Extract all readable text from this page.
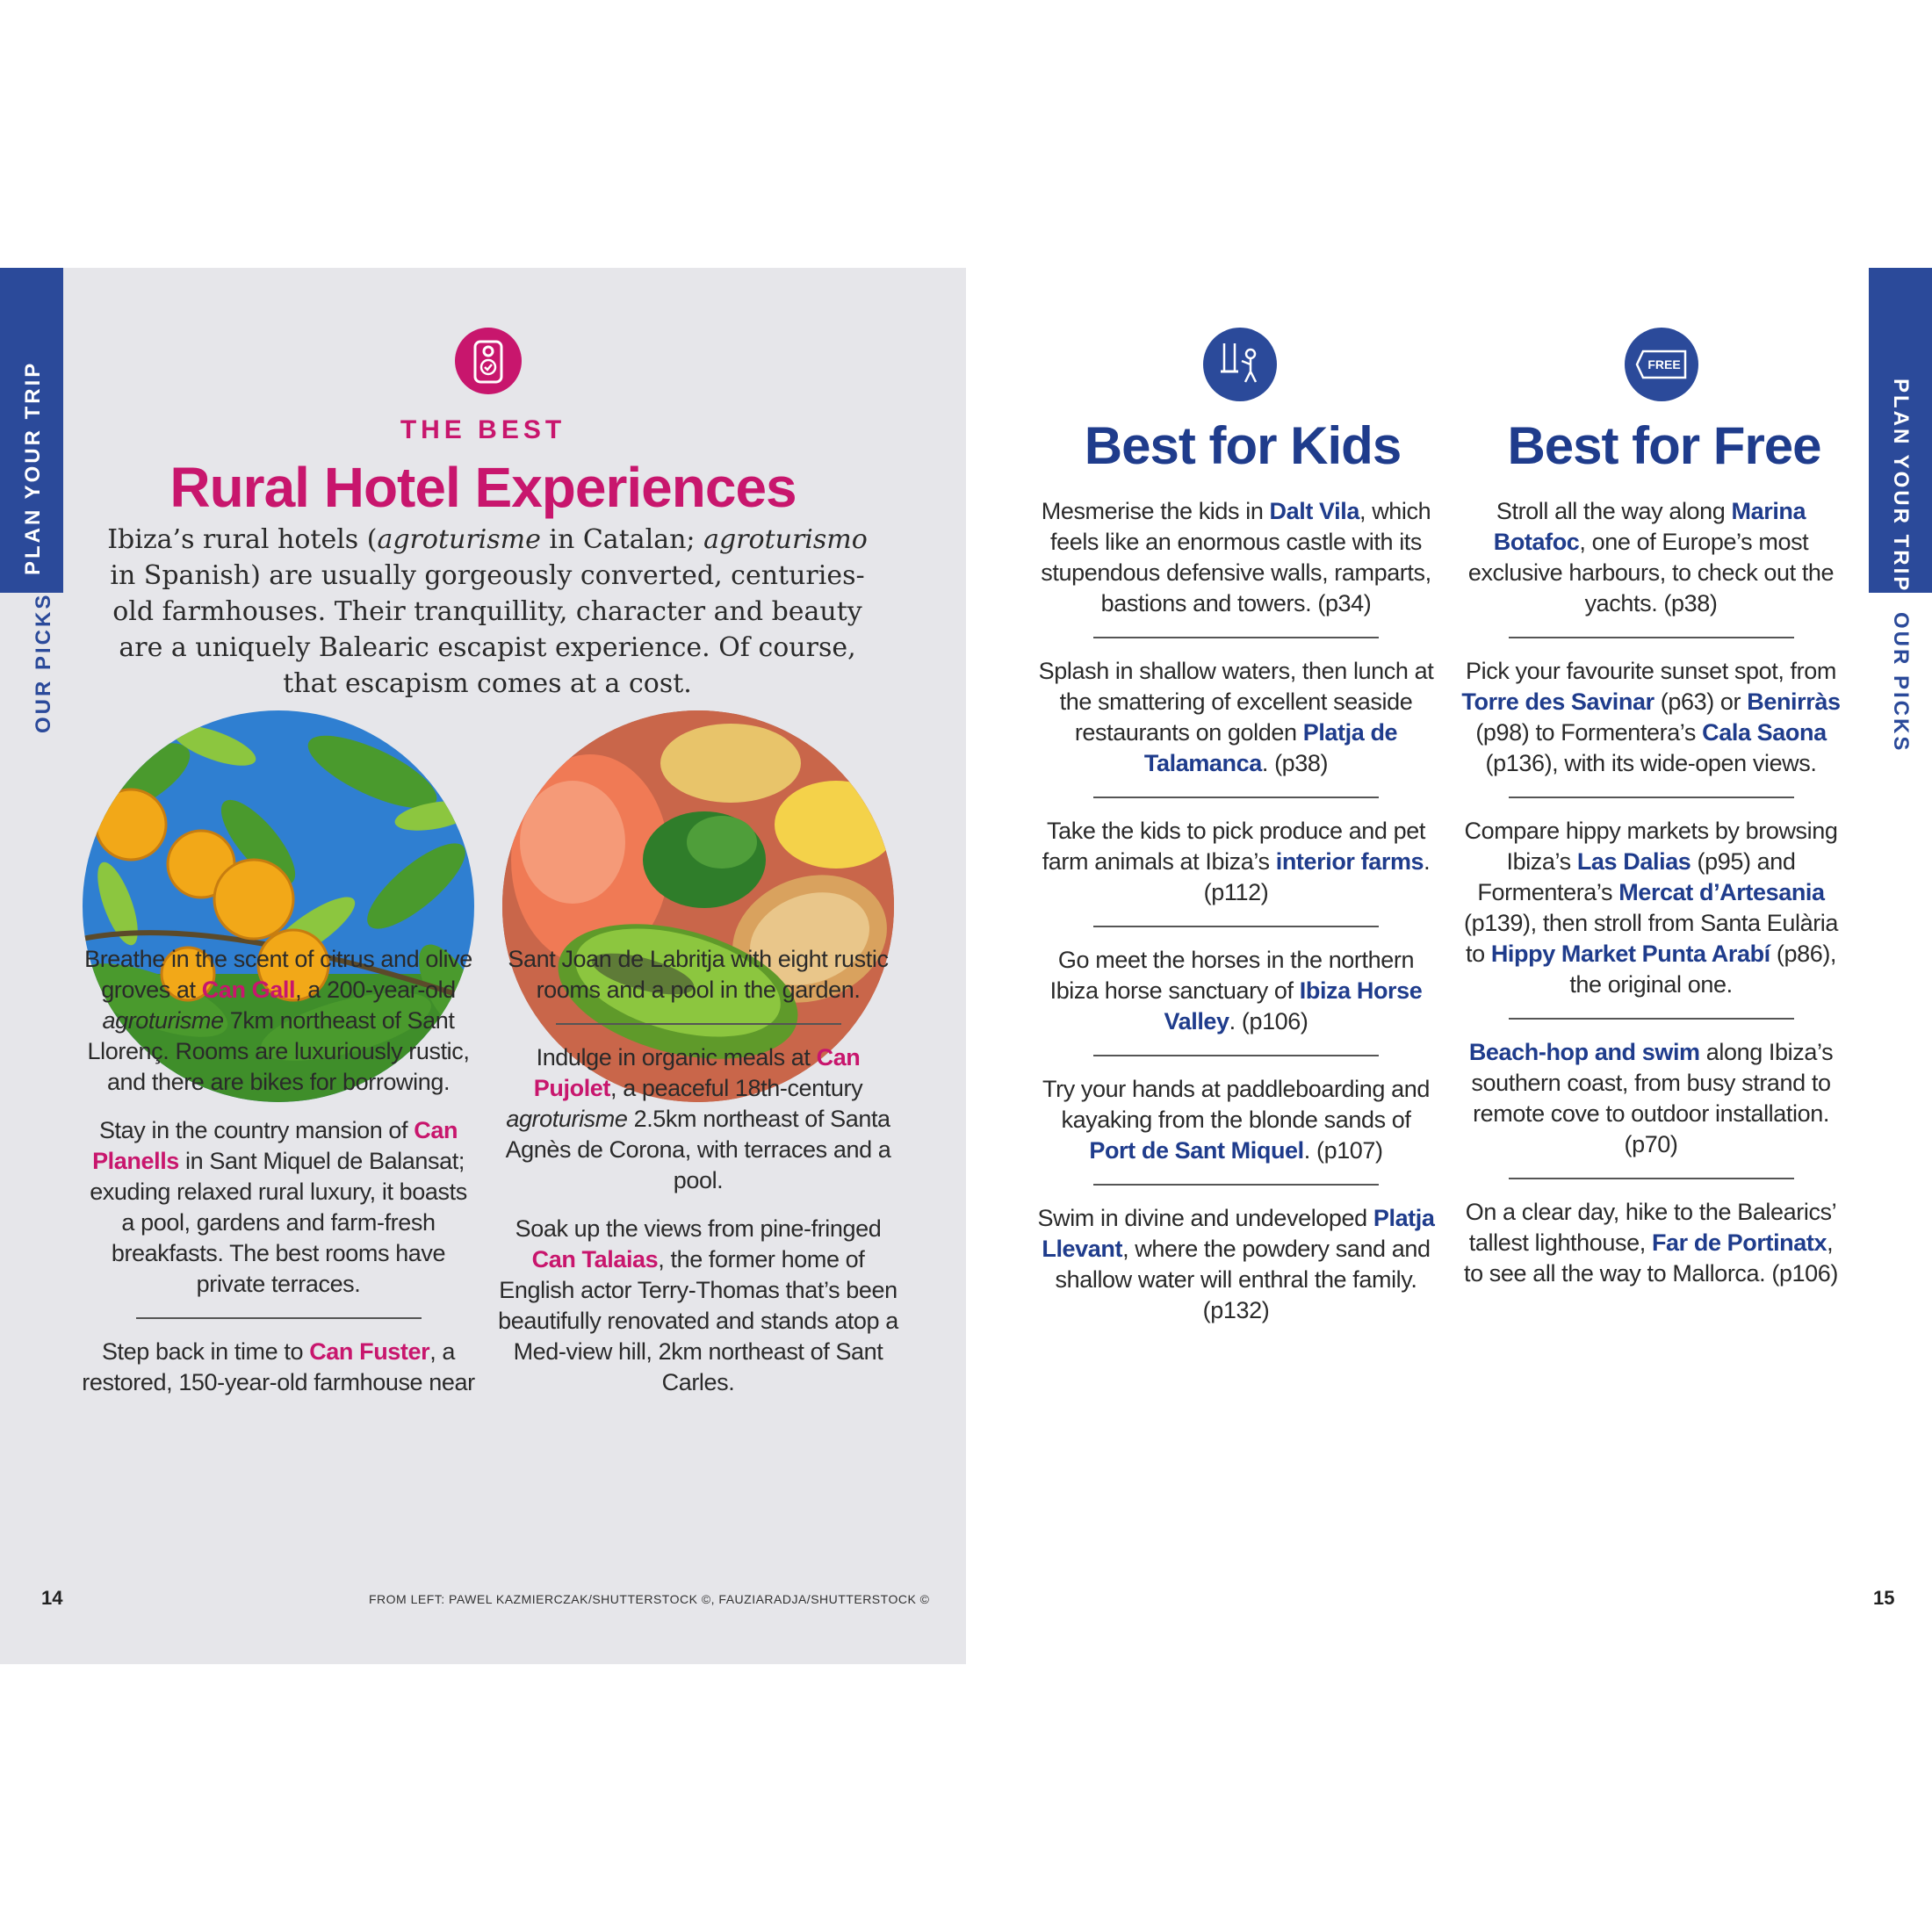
PLAN YOUR TRIP
OUR PICKS
THE BEST
Rural Hotel Experiences
Ibiza’s rural hotels (agroturisme in Catalan; agroturismo in Spanish) are usually gorgeously converted, centuries-old farmhouses. Their tranquillity, character and beauty are a uniquely Balearic escapist experience. Of course, that escapism comes at a cost.

Breathe in the scent of citrus and olive groves at Can Gall, a 200-year-old agroturisme 7km northeast of Sant Llorenç. Rooms are luxuriously rustic, and there are bikes for borrowing.

Stay in the country mansion of Can Planells in Sant Miquel de Balansat; exuding relaxed rural luxury, it boasts a pool, gardens and farm-fresh breakfasts. The best rooms have private terraces.

Step back in time to Can Fuster, a restored, 150-year-old farmhouse near

Sant Joan de Labritja with eight rustic rooms and a pool in the garden.

Indulge in organic meals at Can Pujolet, a peaceful 18th-century agroturisme 2.5km northeast of Santa Agnès de Corona, with terraces and a pool.

Soak up the views from pine-fringed Can Talaias, the former home of English actor Terry-Thomas that’s been beautifully renovated and stands atop a Med-view hill, 2km northeast of Sant Carles.

14	FROM LEFT: PAWEL KAZMIERCZAK/SHUTTERSTOCK ©, FAUZIARADJA/SHUTTERSTOCK ©
PLAN YOUR TRIP
OUR PICKS
Best for Kids
FREE
Best for Free

Mesmerise the kids in Dalt Vila, which feels like an enormous castle with its stupendous defensive walls, ramparts, bastions and towers. (p34)

Splash in shallow waters, then lunch at the smattering of excellent seaside restaurants on golden Platja de Talamanca. (p38)

Take the kids to pick produce and pet farm animals at Ibiza’s interior farms. (p112)

Go meet the horses in the northern Ibiza horse sanctuary of Ibiza Horse Valley. (p106)

Try your hands at paddleboarding and kayaking from the blonde sands of Port de Sant Miquel. (p107)

Swim in divine and undeveloped Platja Llevant, where the powdery sand and shallow water will enthral the family. (p132)

Stroll all the way along Marina Botafoc, one of Europe’s most exclusive harbours, to check out the yachts. (p38)

Pick your favourite sunset spot, from Torre des Savinar (p63) or Benirràs (p98) to Formentera’s Cala Saona (p136), with its wide-open views.

Compare hippy markets by browsing Ibiza’s Las Dalias (p95) and Formentera’s Mercat d’Artesania (p139), then stroll from Santa Eulària to Hippy Market Punta Arabí (p86), the original one.

Beach-hop and swim along Ibiza’s southern coast, from busy strand to remote cove to outdoor installation. (p70)

On a clear day, hike to the Balearics’ tallest lighthouse, Far de Portinatx, to see all the way to Mallorca. (p106)

15
